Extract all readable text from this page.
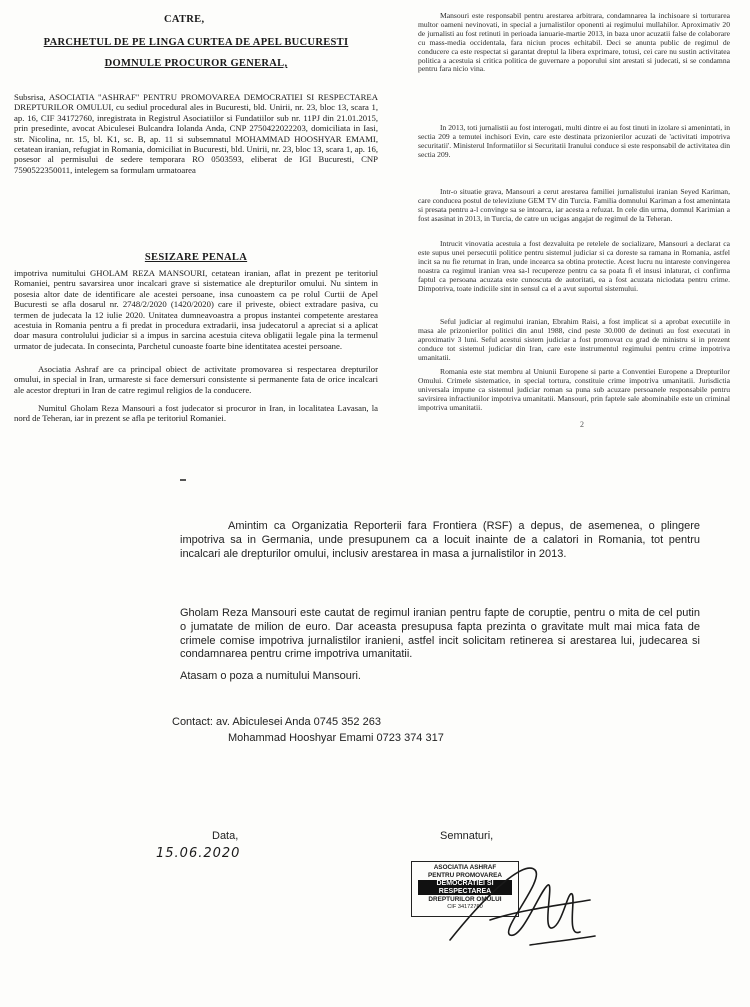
CATRE,

PARCHETUL DE PE LINGA CURTEA DE APEL BUCURESTI

DOMNULE PROCUROR GENERAL,

Subsrisa, ASOCIATIA "ASHRAF" PENTRU PROMOVAREA DEMOCRATIEI SI RESPECTAREA DREPTURILOR OMULUI, cu sediul procedural ales in Bucuresti, bld. Unirii, nr. 23, bloc 13, scara 1, ap. 16, CIF 34172760, inregistrata in Registrul Asociatiilor si Fundatiilor sub nr. 11PJ din 21.01.2015, prin presedinte, avocat Abiculesei Bulcandra Iolanda Anda, CNP 2750422022203, domiciliata in Iasi, str. Nicolina, nr. 15, bl. K1, sc. B, ap. 11 si subsemnatul MOHAMMAD HOOSHYAR EMAMI, cetatean iranian, refugiat in Romania, domiciliat in Bucuresti, bld. Unirii, nr. 23, bloc 13, scara 1, ap. 16, posesor al permisului de sedere temporara RO 0503593, eliberat de IGI Bucuresti, CNP 7590522350011, intelegem sa formulam urmatoarea

SESIZARE PENALA

impotriva numitului GHOLAM REZA MANSOURI, cetatean iranian, aflat in prezent pe teritoriul Romaniei, pentru savarsirea unor incalcari grave si sistematice ale drepturilor omului. Nu sintem in posesia altor date de identificare ale acestei persoane, insa cunoastem ca pe rolul Curtii de Apel Bucuresti se afla dosarul nr. 2748/2/2020 (1420/2020) care il priveste, obiect extradare pasiva, cu termen de judecata la 12 iulie 2020. Unitatea dumneavoastra a propus instantei competente arestarea acestuia in Romania pentru a fi predat in procedura extradarii, insa judecatorul a apreciat si a aplicat doar masura controlului judiciar si a impus in sarcina acestuia citeva obligatii legale pina la termenul urmator de judecata. In consecinta, Parchetul cunoaste foarte bine identitatea acestei persoane.

Asociatia Ashraf are ca principal obiect de activitate promovarea si respectarea drepturilor omului, in special in Iran, urmareste si face demersuri consistente si permanente fata de orice incalcari ale acestor drepturi in Iran de catre regimul religios de la conducere.

Numitul Gholam Reza Mansouri a fost judecator si procuror in Iran, in localitatea Lavasan, la nord de Teheran, iar in prezent se afla pe teritoriul Romaniei.

Mansouri este responsabil pentru arestarea arbitrara, condamnarea la inchisoare si torturarea multor oameni nevinovati, in special a jurnalistilor oponenti ai regimului mullahilor. Aproximativ 20 de jurnalisti au fost retinuti in perioada ianuarie-martie 2013, in baza unor acuzatii false de colaborare cu mass-media occidentala, fara niciun proces echitabil. Deci se anunta public de regimul de conducere ca este respectat si garantat dreptul la libera exprimare, totusi, cei care nu sustin activitatea politica a acestuia si critica politica de guvernare a poporului sint arestati si judecati, si se condamna pentru fara nicio vina.

In 2013, toti jurnalistii au fost interogati, multi dintre ei au fost tinuti in izolare si amenintati, in sectia 209 a temutei inchisori Evin, care este destinata prizonierilor acuzati de 'activitati impotriva securitatii'. Ministerul Informatiilor si Securitatii Iranului conduce si este responsabil de activitatea din sectia 209.

Intr-o situatie grava, Mansouri a cerut arestarea familiei jurnalistului iranian Seyed Kariman, care conducea postul de televiziune GEM TV din Turcia. Familia domnului Kariman a fost amenintata si presata pentru a-l convinge sa se intoarca, iar acesta a refuzat. In cele din urma, domnul Karimian a fost asasinat in 2013, in Turcia, de catre un ucigas angajat de regimul de la Teheran.

Intrucit vinovatia acestuia a fost dezvaluita pe retelele de socializare, Mansouri a declarat ca este supus unei persecutii politice pentru sistemul judiciar si ca doreste sa ramana in Romania, astfel incit sa nu fie returnat in Iran, unde incearca sa obtina protectie. Acest lucru nu intareste convingerea noastra ca regimul iranian vrea sa-l recupereze pentru ca sa poata fi el insusi inlaturat, ci confirma faptul ca persoana acuzata este cunoscuta de autoritati, ea a fost acuzata niciodata pentru crime. Dimpotriva, toate indiciile sint in sensul ca el a avut suportul sistemului.

Seful judiciar al regimului iranian, Ebrahim Raisi, a fost implicat si a aprobat executiile in masa ale prizonierilor politici din anul 1988, cind peste 30.000 de detinuti au fost executati in aproximativ 3 luni. Seful acestui sistem judiciar a fost promovat cu grad de ministru si in prezent conduce tot sistemul judiciar din Iran, care este instrumentul regimului pentru crime impotriva umanitatii.

Romania este stat membru al Uniunii Europene si parte a Conventiei Europene a Drepturilor Omului. Crimele sistematice, in special tortura, constituie crime impotriva umanitatii. Jurisdictia universala impune ca sistemul judiciar roman sa puna sub acuzare persoanele responsabile pentru savirsirea infractiunilor impotriva umanitatii. Mansouri, prin faptele sale abominabile este un criminal impotriva umanitatii.

2

Amintim ca Organizatia Reporterii fara Frontiera (RSF) a depus, de asemenea, o plingere impotriva sa in Germania, unde presupunem ca a locuit inainte de a calatori in Romania, tot pentru incalcari ale drepturilor omului, inclusiv arestarea in masa a jurnalistilor in 2013.

Gholam Reza Mansouri este cautat de regimul iranian pentru fapte de coruptie, pentru o mita de cel putin o jumatate de milion de euro. Dar aceasta presupusa fapta prezinta o gravitate mult mai mica fata de crimele comise impotriva jurnalistilor iranieni, astfel incit solicitam retinerea si arestarea lui, judecarea si condamnarea pentru crime impotriva umanitatii.

Atasam o poza a numitului Mansouri.

Contact: av. Abiculesei Anda 0745 352 263

Mohammad Hooshyar Emami 0723 374 317

Data,

15.06.2020

Semnaturi,

ASOCIATIA ASHRAF
PENTRU PROMOVAREA
DEMOCRATIEI SI RESPECTAREA
DREPTURILOR OMULUI
CIF 34172760
